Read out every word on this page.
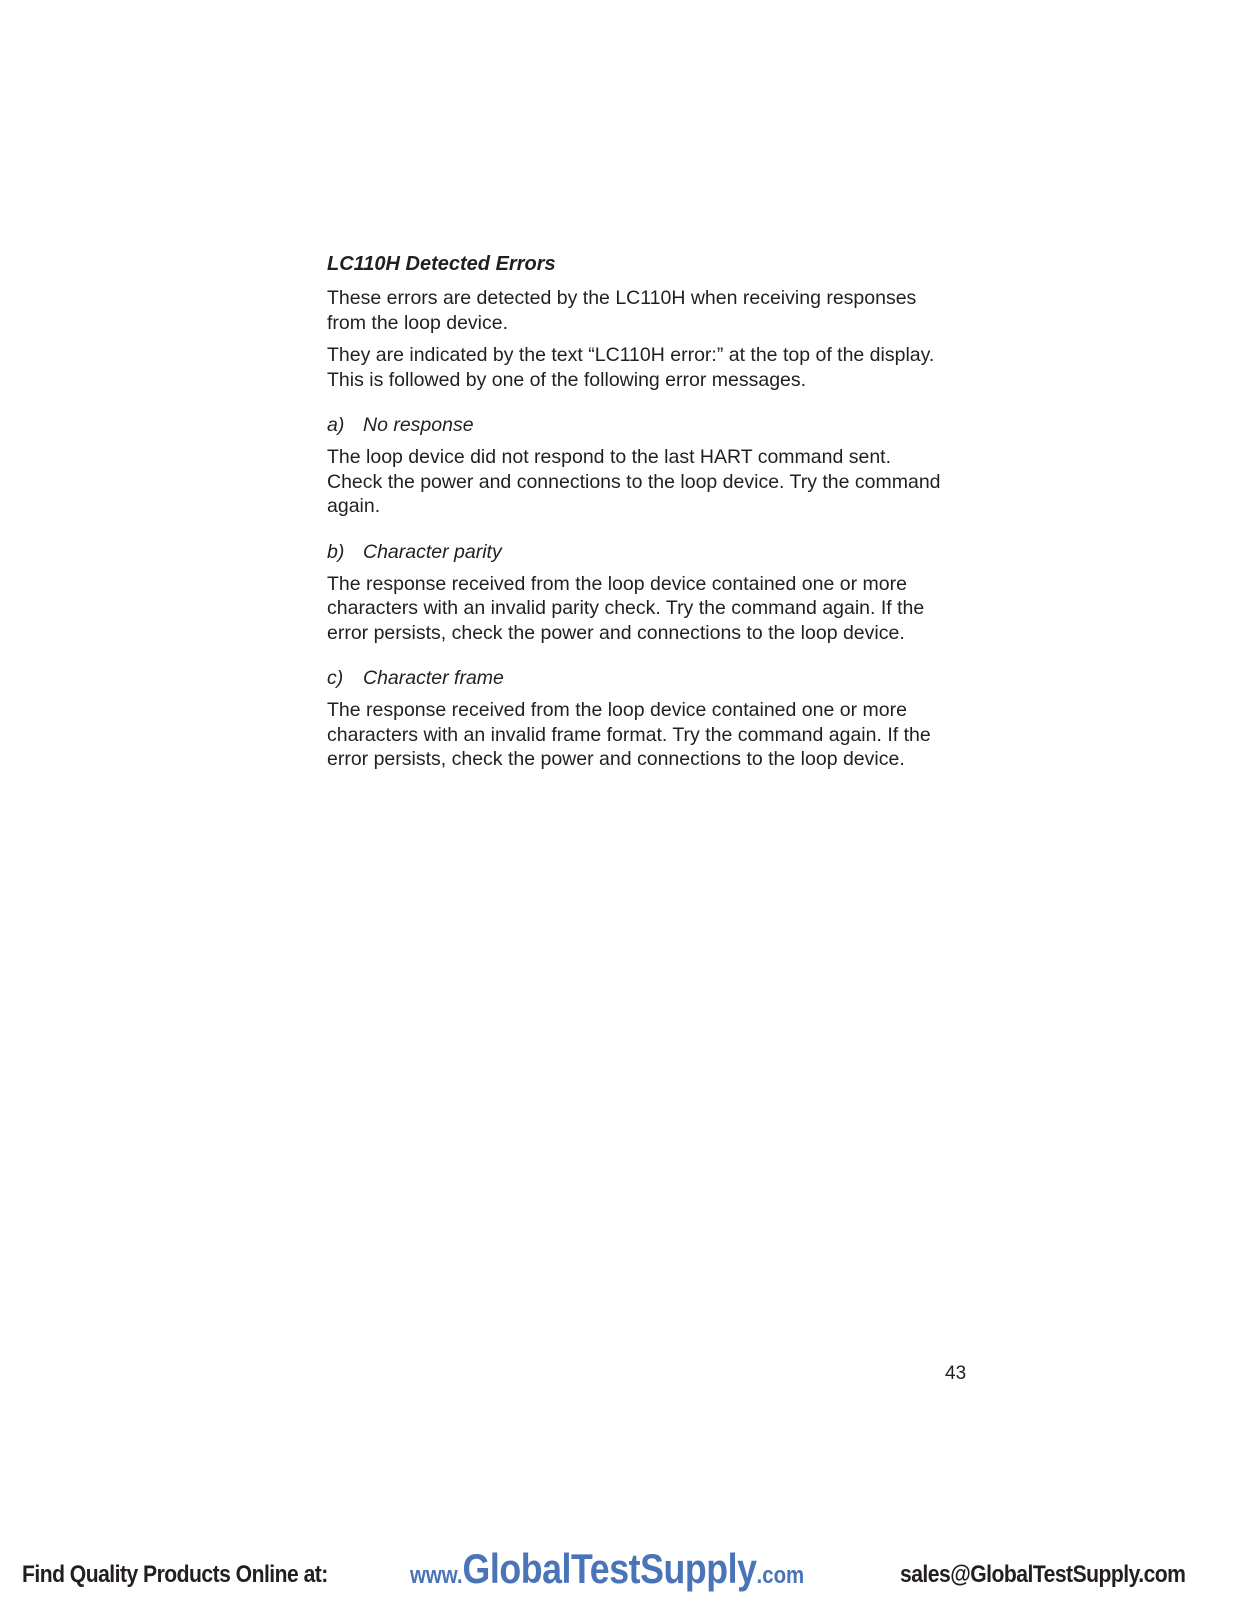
LC110H Detected Errors

These errors are detected by the LC110H when receiving responses from the loop device.

They are indicated by the text “LC110H error:” at the top of the display. This is followed by one of the following error messages.

a) No response

The loop device did not respond to the last HART command sent. Check the power and connections to the loop device. Try the command again.

b) Character parity

The response received from the loop device contained one or more characters with an invalid parity check. Try the command again. If the error persists, check the power and connections to the loop device.

c)	Character frame

The response received from the loop device contained one or more characters with an invalid frame format. Try the command again. If the error persists, check the power and connections to the loop device.

43
Find Quality Products Online at:	www.GlobalTestSupply.com	sales@GlobalTestSupply.com
